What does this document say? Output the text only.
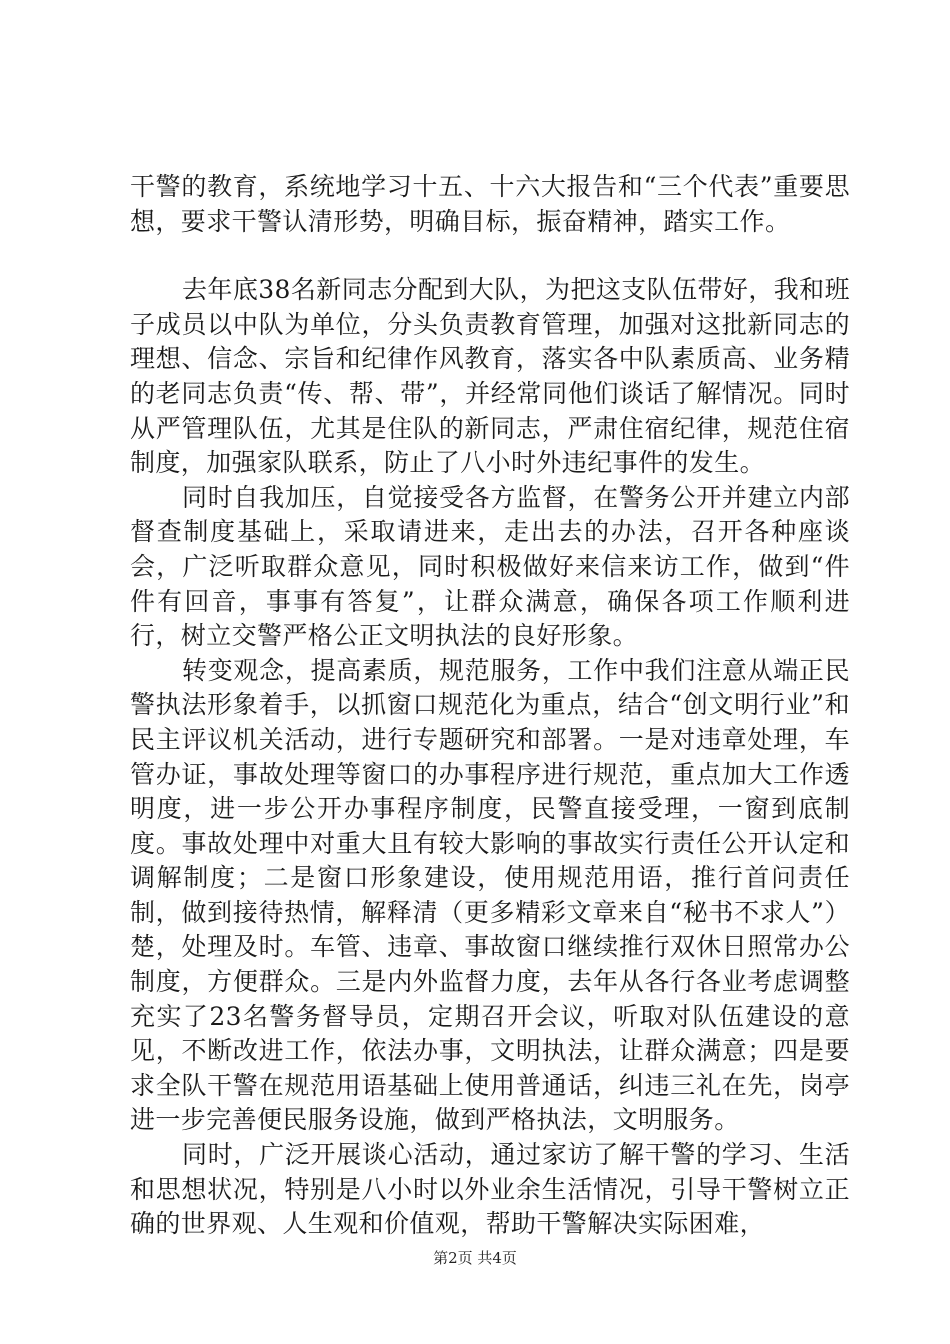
干警的教育，系统地学习十五、十六大报告和“三个代表”重要思想，要求干警认清形势，明确目标，振奋精神，踏实工作。

去年底38名新同志分配到大队，为把这支队伍带好，我和班子成员以中队为单位，分头负责教育管理，加强对这批新同志的理想、信念、宗旨和纪律作风教育，落实各中队素质高、业务精的老同志负责“传、帮、带”，并经常同他们谈话了解情况。同时从严管理队伍，尤其是住队的新同志，严肃住宿纪律，规范住宿制度，加强家队联系，防止了八小时外违纪事件的发生。

同时自我加压，自觉接受各方监督，在警务公开并建立内部督查制度基础上，采取请进来，走出去的办法，召开各种座谈会，广泛听取群众意见，同时积极做好来信来访工作，做到“件件有回音，事事有答复”，让群众满意，确保各项工作顺利进行，树立交警严格公正文明执法的良好形象。

转变观念，提高素质，规范服务，工作中我们注意从端正民警执法形象着手，以抓窗口规范化为重点，结合“创文明行业”和民主评议机关活动，进行专题研究和部署。一是对违章处理，车管办证，事故处理等窗口的办事程序进行规范，重点加大工作透明度，进一步公开办事程序制度，民警直接受理，一窗到底制度。事故处理中对重大且有较大影响的事故实行责任公开认定和调解制度；二是窗口形象建设，使用规范用语，推行首问责任制，做到接待热情，解释清（更多精彩文章来自“秘书不求人”）楚，处理及时。车管、违章、事故窗口继续推行双休日照常办公制度，方便群众。三是内外监督力度，去年从各行各业考虑调整充实了23名警务督导员，定期召开会议，听取对队伍建设的意见，不断改进工作，依法办事，文明执法，让群众满意；四是要求全队干警在规范用语基础上使用普通话，纠违三礼在先，岗亭进一步完善便民服务设施，做到严格执法，文明服务。

同时，广泛开展谈心活动，通过家访了解干警的学习、生活和思想状况，特别是八小时以外业余生活情况，引导干警树立正确的世界观、人生观和价值观，帮助干警解决实际困难，

第2页 共4页
